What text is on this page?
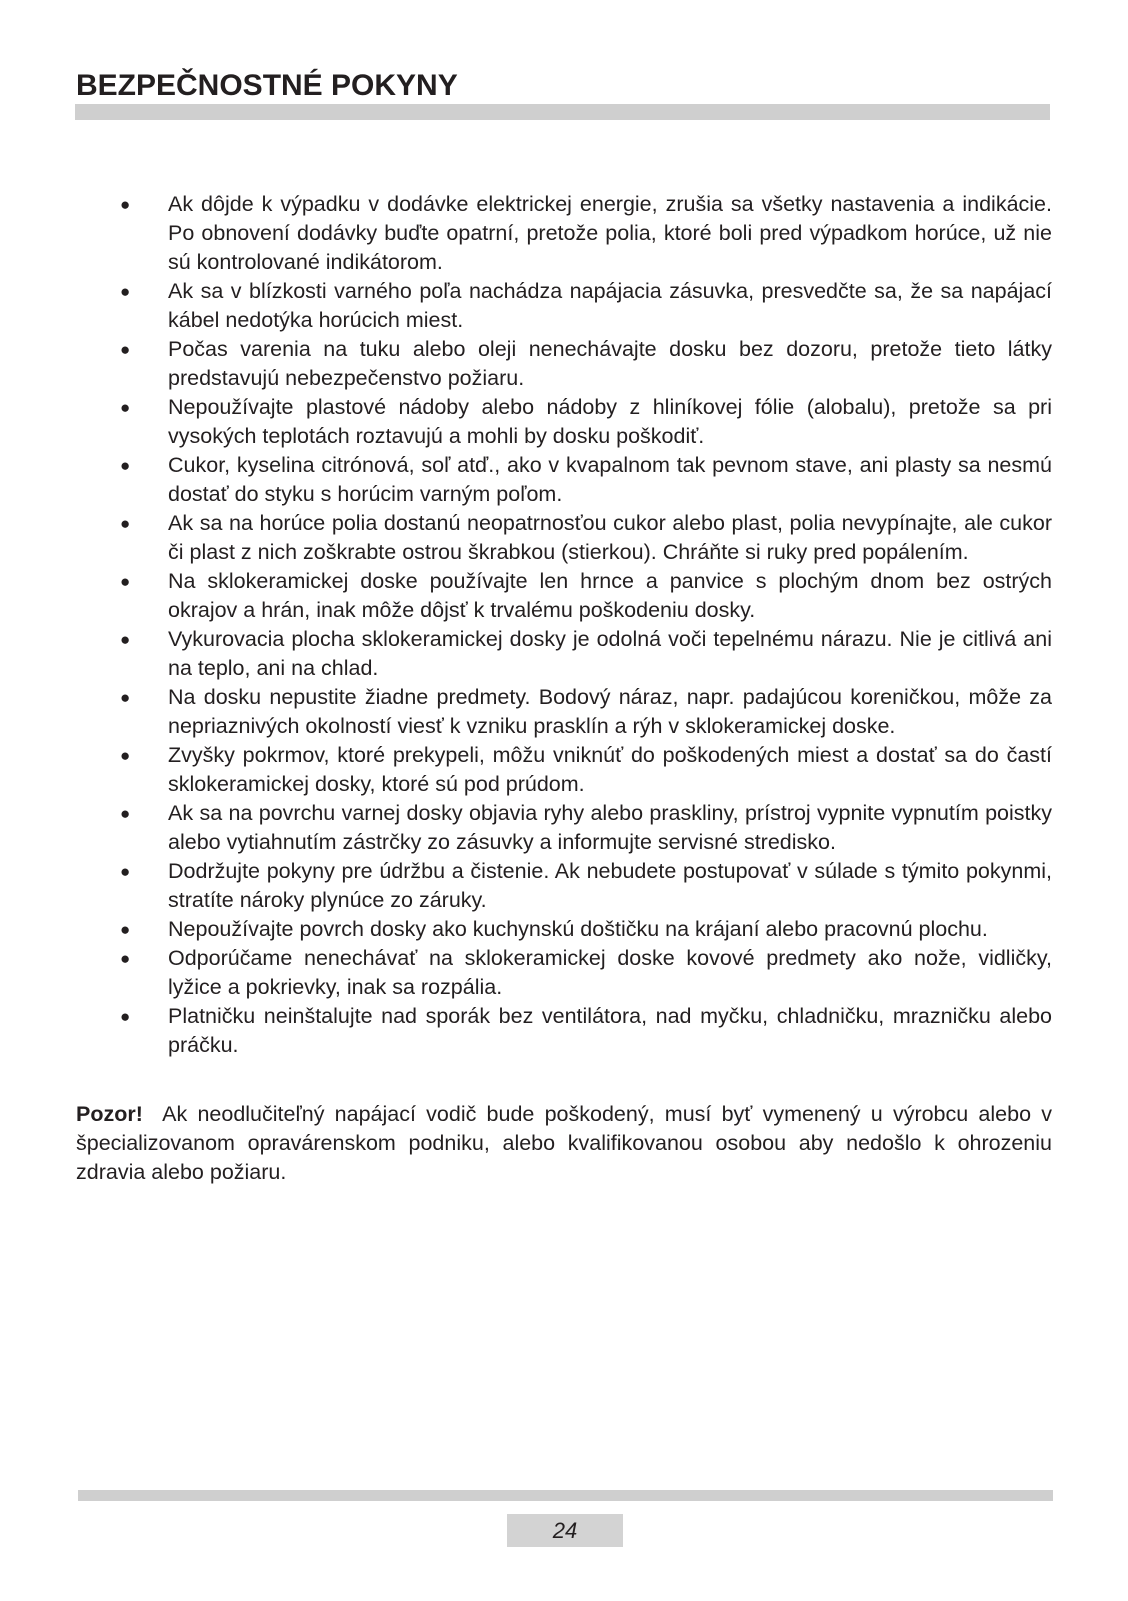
BEZPEČNOSTNÉ POKYNY
● Ak dôjde k výpadku v dodávke elektrickej energie, zrušia sa všetky nastavenia a indikácie. Po obnovení dodávky buďte opatrní, pretože polia, ktoré boli pred výpadkom horúce, už nie sú kontrolované indikátorom.
● Ak sa v blízkosti varného poľa nachádza napájacia zásuvka, presvedčte sa, že sa napájací kábel nedotýka horúcich miest.
● Počas varenia na tuku alebo oleji nenechávajte dosku bez dozoru, pretože tieto látky predstavujú nebezpečenstvo požiaru.
● Nepoužívajte plastové nádoby alebo nádoby z hliníkovej fólie (alobalu), pretože sa pri vysokých teplotách roztavujú a mohli by dosku poškodiť.
● Cukor, kyselina citrónová, soľ atď., ako v kvapalnom tak pevnom stave, ani plasty sa nesmú dostať do styku s horúcim varným poľom.
● Ak sa na horúce polia dostanú neopatrnosťou cukor alebo plast, polia nevypínajte, ale cukor či plast z nich zoškrabte ostrou škrabkou (stierkou). Chráňte si ruky pred popálením.
● Na sklokeramickej doske používajte len hrnce a panvice s plochým dnom bez ostrých okrajov a hrán, inak môže dôjsť k trvalému poškodeniu dosky.
● Vykurovacia plocha sklokeramickej dosky je odolná voči tepelnému nárazu. Nie je citlivá ani na teplo, ani na chlad.
● Na dosku nepustite žiadne predmety. Bodový náraz, napr. padajúcou koreničkou, môže za nepriaznivých okolností viesť k vzniku prasklín a rýh v sklokeramickej doske.
● Zvyšky pokrmov, ktoré prekypeli, môžu vniknúť do poškodených miest a dostať sa do častí sklokeramickej dosky, ktoré sú pod prúdom.
● Ak sa na povrchu varnej dosky objavia ryhy alebo praskliny, prístroj vypnite vypnutím poistky alebo vytiahnutím zástrčky zo zásuvky a informujte servisné stredisko.
● Dodržujte pokyny pre údržbu a čistenie. Ak nebudete postupovať v súlade s týmito pokynmi, stratíte nároky plynúce zo záruky.
● Nepoužívajte povrch dosky ako kuchynskú doštičku na krájaní alebo pracovnú plochu.
● Odporúčame nenechávať na sklokeramickej doske kovové predmety ako nože, vidličky, lyžice a pokrievky, inak sa rozpália.
● Platničku neinštalujte nad sporák bez ventilátora, nad myčku, chladničku, mrazničku alebo práčku.

Pozor! Ak neodlučiteľný napájací vodič bude poškodený, musí byť vymenený u výrobcu alebo v špecializovanom opravárenskom podniku, alebo kvalifikovanou osobou aby nedošlo k ohrozeniu zdravia alebo požiaru.

24
